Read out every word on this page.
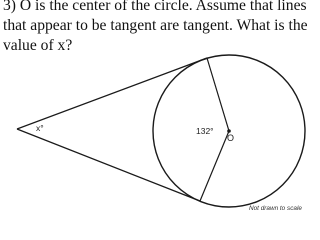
3) O is the center of the circle. Assume that lines
that appear to be tangent are tangent. What is the
value of x?
x°	132°
O
Not drawn to scale
